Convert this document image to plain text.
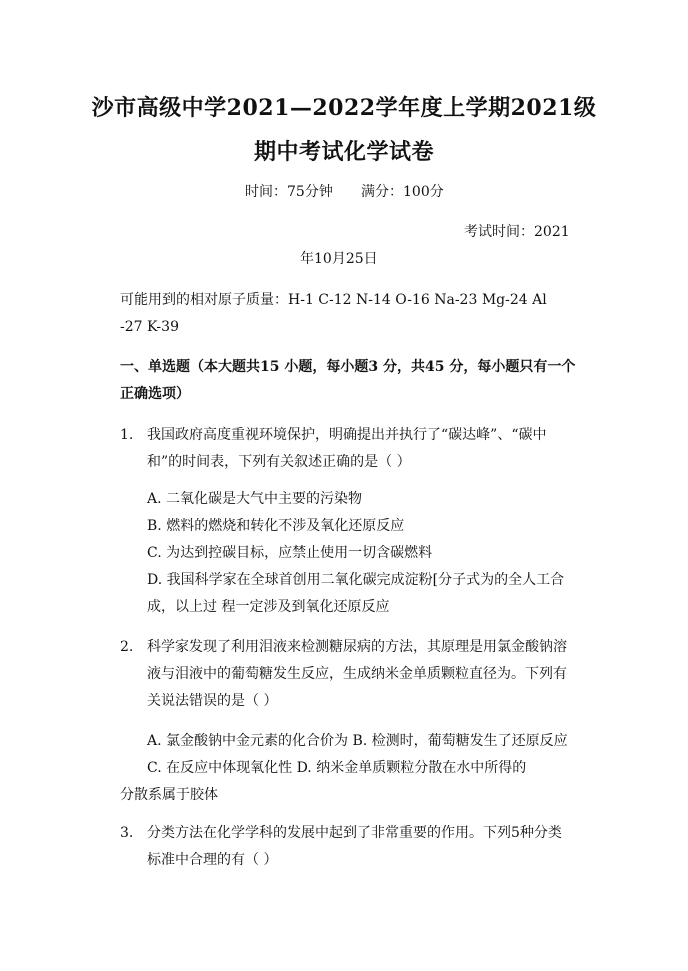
沙市高级中学2021—2022学年度上学期2021级
期中考试化学试卷
时间：75分钟 满分：100分
考试时间：2021
年10月25日
可能用到的相对原子质量：H-1 C-12 N-14 O-16 Na-23 Mg-24 Al
-27 K-39
一、单选题（本大题共15 小题，每小题3 分，共45 分，每小题只有一个
正确选项）
1. 我国政府高度重视环境保护，明确提出并执行了“碳达峰”、“碳中
和”的时间表，下列有关叙述正确的是（ ）
A. 二氧化碳是大气中主要的污染物
B. 燃料的燃烧和转化不涉及氧化还原反应
C. 为达到控碳目标，应禁止使用一切含碳燃料
D. 我国科学家在全球首创用二氧化碳完成淀粉[分子式为的全人工合
成，以上过 程一定涉及到氧化还原反应
2. 科学家发现了利用泪液来检测糖尿病的方法，其原理是用氯金酸钠溶
液与泪液中的葡萄糖发生反应，生成纳米金单质颗粒直径为。下列有
关说法错误的是（ ）
A. 氯金酸钠中金元素的化合价为 B. 检测时，葡萄糖发生了还原反应
C. 在反应中体现氧化性 D. 纳米金单质颗粒分散在水中所得的
分散系属于胶体
3. 分类方法在化学学科的发展中起到了非常重要的作用。下列5种分类
标准中合理的有（ ）
